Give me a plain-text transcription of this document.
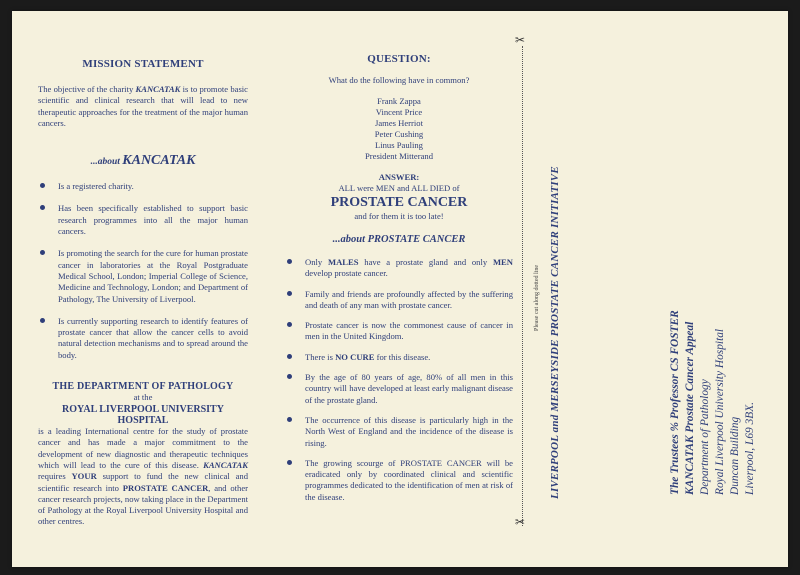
MISSION STATEMENT

The objective of the charity KANCATAK is to promote basic scientific and clinical research that will lead to new therapeutic approaches for the treatment of the major human cancers.

...about KANCATAK
Is a registered charity.
Has been specifically established to support basic research programmes into all the major human cancers.
Is promoting the search for the cure for human prostate cancer in laboratories at the Royal Postgraduate Medical School, London; Imperial College of Science, Medicine and Technology, London; and Department of Pathology, The University of Liverpool.
Is currently supporting research to identify features of prostate cancer that allow the cancer cells to avoid natural detection mechanisms and to spread around the body.
THE DEPARTMENT OF PATHOLOGY

at the

ROYAL LIVERPOOL UNIVERSITY HOSPITAL

is a leading International centre for the study of prostate cancer and has made a major commitment to the development of new diagnostic and therapeutic techniques which will lead to the cure of this disease. KANCATAK requires YOUR support to fund the new clinical and scientific research into PROSTATE CANCER, and other cancer research projects, now taking place in the Department of Pathology at the Royal Liverpool University Hospital and other centres.

QUESTION:

What do the following have in common?

Frank Zappa

Vincent Price

James Herriot

Peter Cushing

Linus Pauling

President Mitterand

ANSWER:

ALL were MEN and ALL DIED of

PROSTATE CANCER

and for them it is too late!

...about PROSTATE CANCER
Only MALES have a prostate gland and only MEN develop prostate cancer.
Family and friends are profoundly affected by the suffering and death of any man with prostate cancer.
Prostate cancer is now the commonest cause of cancer in men in the United Kingdom.
There is NO CURE for this disease.
By the age of 80 years of age, 80% of all men in this country will have developed at least early malignant disease of the prostate gland.
The occurrence of this disease is particularly high in the North West of England and the incidence of the disease is rising.
The growing scourge of PROSTATE CANCER will be eradicated only by coordinated clinical and scientific programmes dedicated to the identification of men at risk of the disease.
✂
✂
Please cut along dotted line LIVERPOOL and MERSEYSIDE PROSTATE CANCER INITIATIVE	The Trustees % Professor CS FOSTER KANCATAK Prostate Cancer Appeal Department of Pathology Royal Liverpool University Hospital Duncan Building Liverpool, L69 3BX.
